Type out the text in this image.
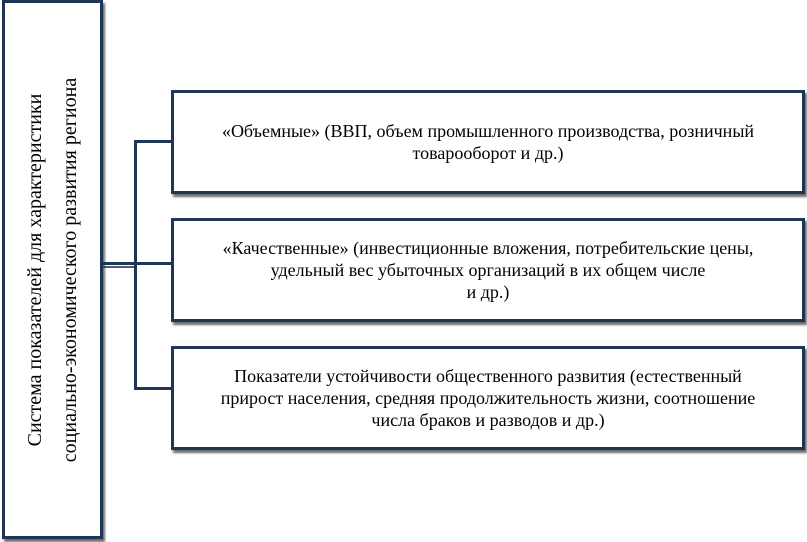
Система показателей для характеристики социально-экономического развития региона	«Объемные» (ВВП, объем промышленного производства, розничный
товарооборот и др.)
«Качественные» (инвестиционные вложения, потребительские цены,
удельный вес убыточных организаций в их общем числе
и др.)
Показатели устойчивости общественного развития (естественный
прирост населения, средняя продолжительность жизни, соотношение
числа браков и разводов и др.)
